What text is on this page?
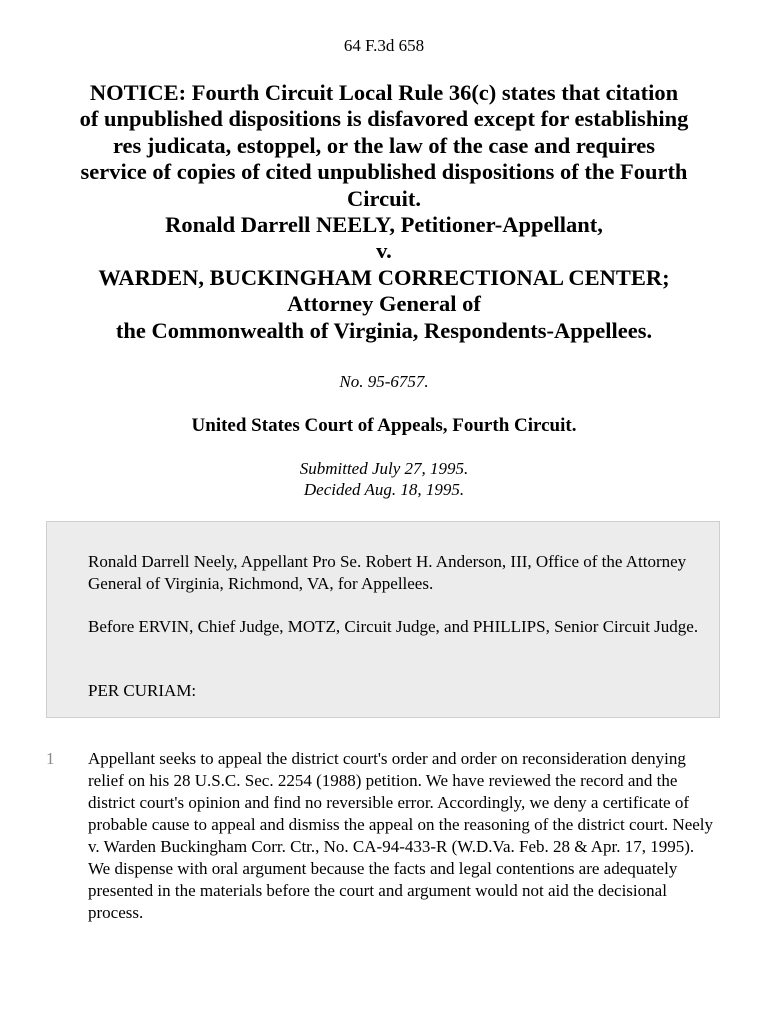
64 F.3d 658
NOTICE: Fourth Circuit Local Rule 36(c) states that citation
of unpublished dispositions is disfavored except for establishing
res judicata, estoppel, or the law of the case and requires
service of copies of cited unpublished dispositions of the Fourth
Circuit.
Ronald Darrell NEELY, Petitioner-Appellant,
v.
WARDEN, BUCKINGHAM CORRECTIONAL CENTER;
Attorney General of
the Commonwealth of Virginia, Respondents-Appellees.
No. 95-6757.
United States Court of Appeals, Fourth Circuit.
Submitted July 27, 1995.
Decided Aug. 18, 1995.
Ronald Darrell Neely, Appellant Pro Se. Robert H. Anderson, III, Office of the Attorney General of Virginia, Richmond, VA, for Appellees.
Before ERVIN, Chief Judge, MOTZ, Circuit Judge, and PHILLIPS, Senior Circuit Judge.
PER CURIAM:
1 Appellant seeks to appeal the district court's order and order on reconsideration denying relief on his 28 U.S.C. Sec. 2254 (1988) petition. We have reviewed the record and the district court's opinion and find no reversible error. Accordingly, we deny a certificate of probable cause to appeal and dismiss the appeal on the reasoning of the district court. Neely v. Warden Buckingham Corr. Ctr., No. CA-94-433-R (W.D.Va. Feb. 28 & Apr. 17, 1995). We dispense with oral argument because the facts and legal contentions are adequately presented in the materials before the court and argument would not aid the decisional process.
